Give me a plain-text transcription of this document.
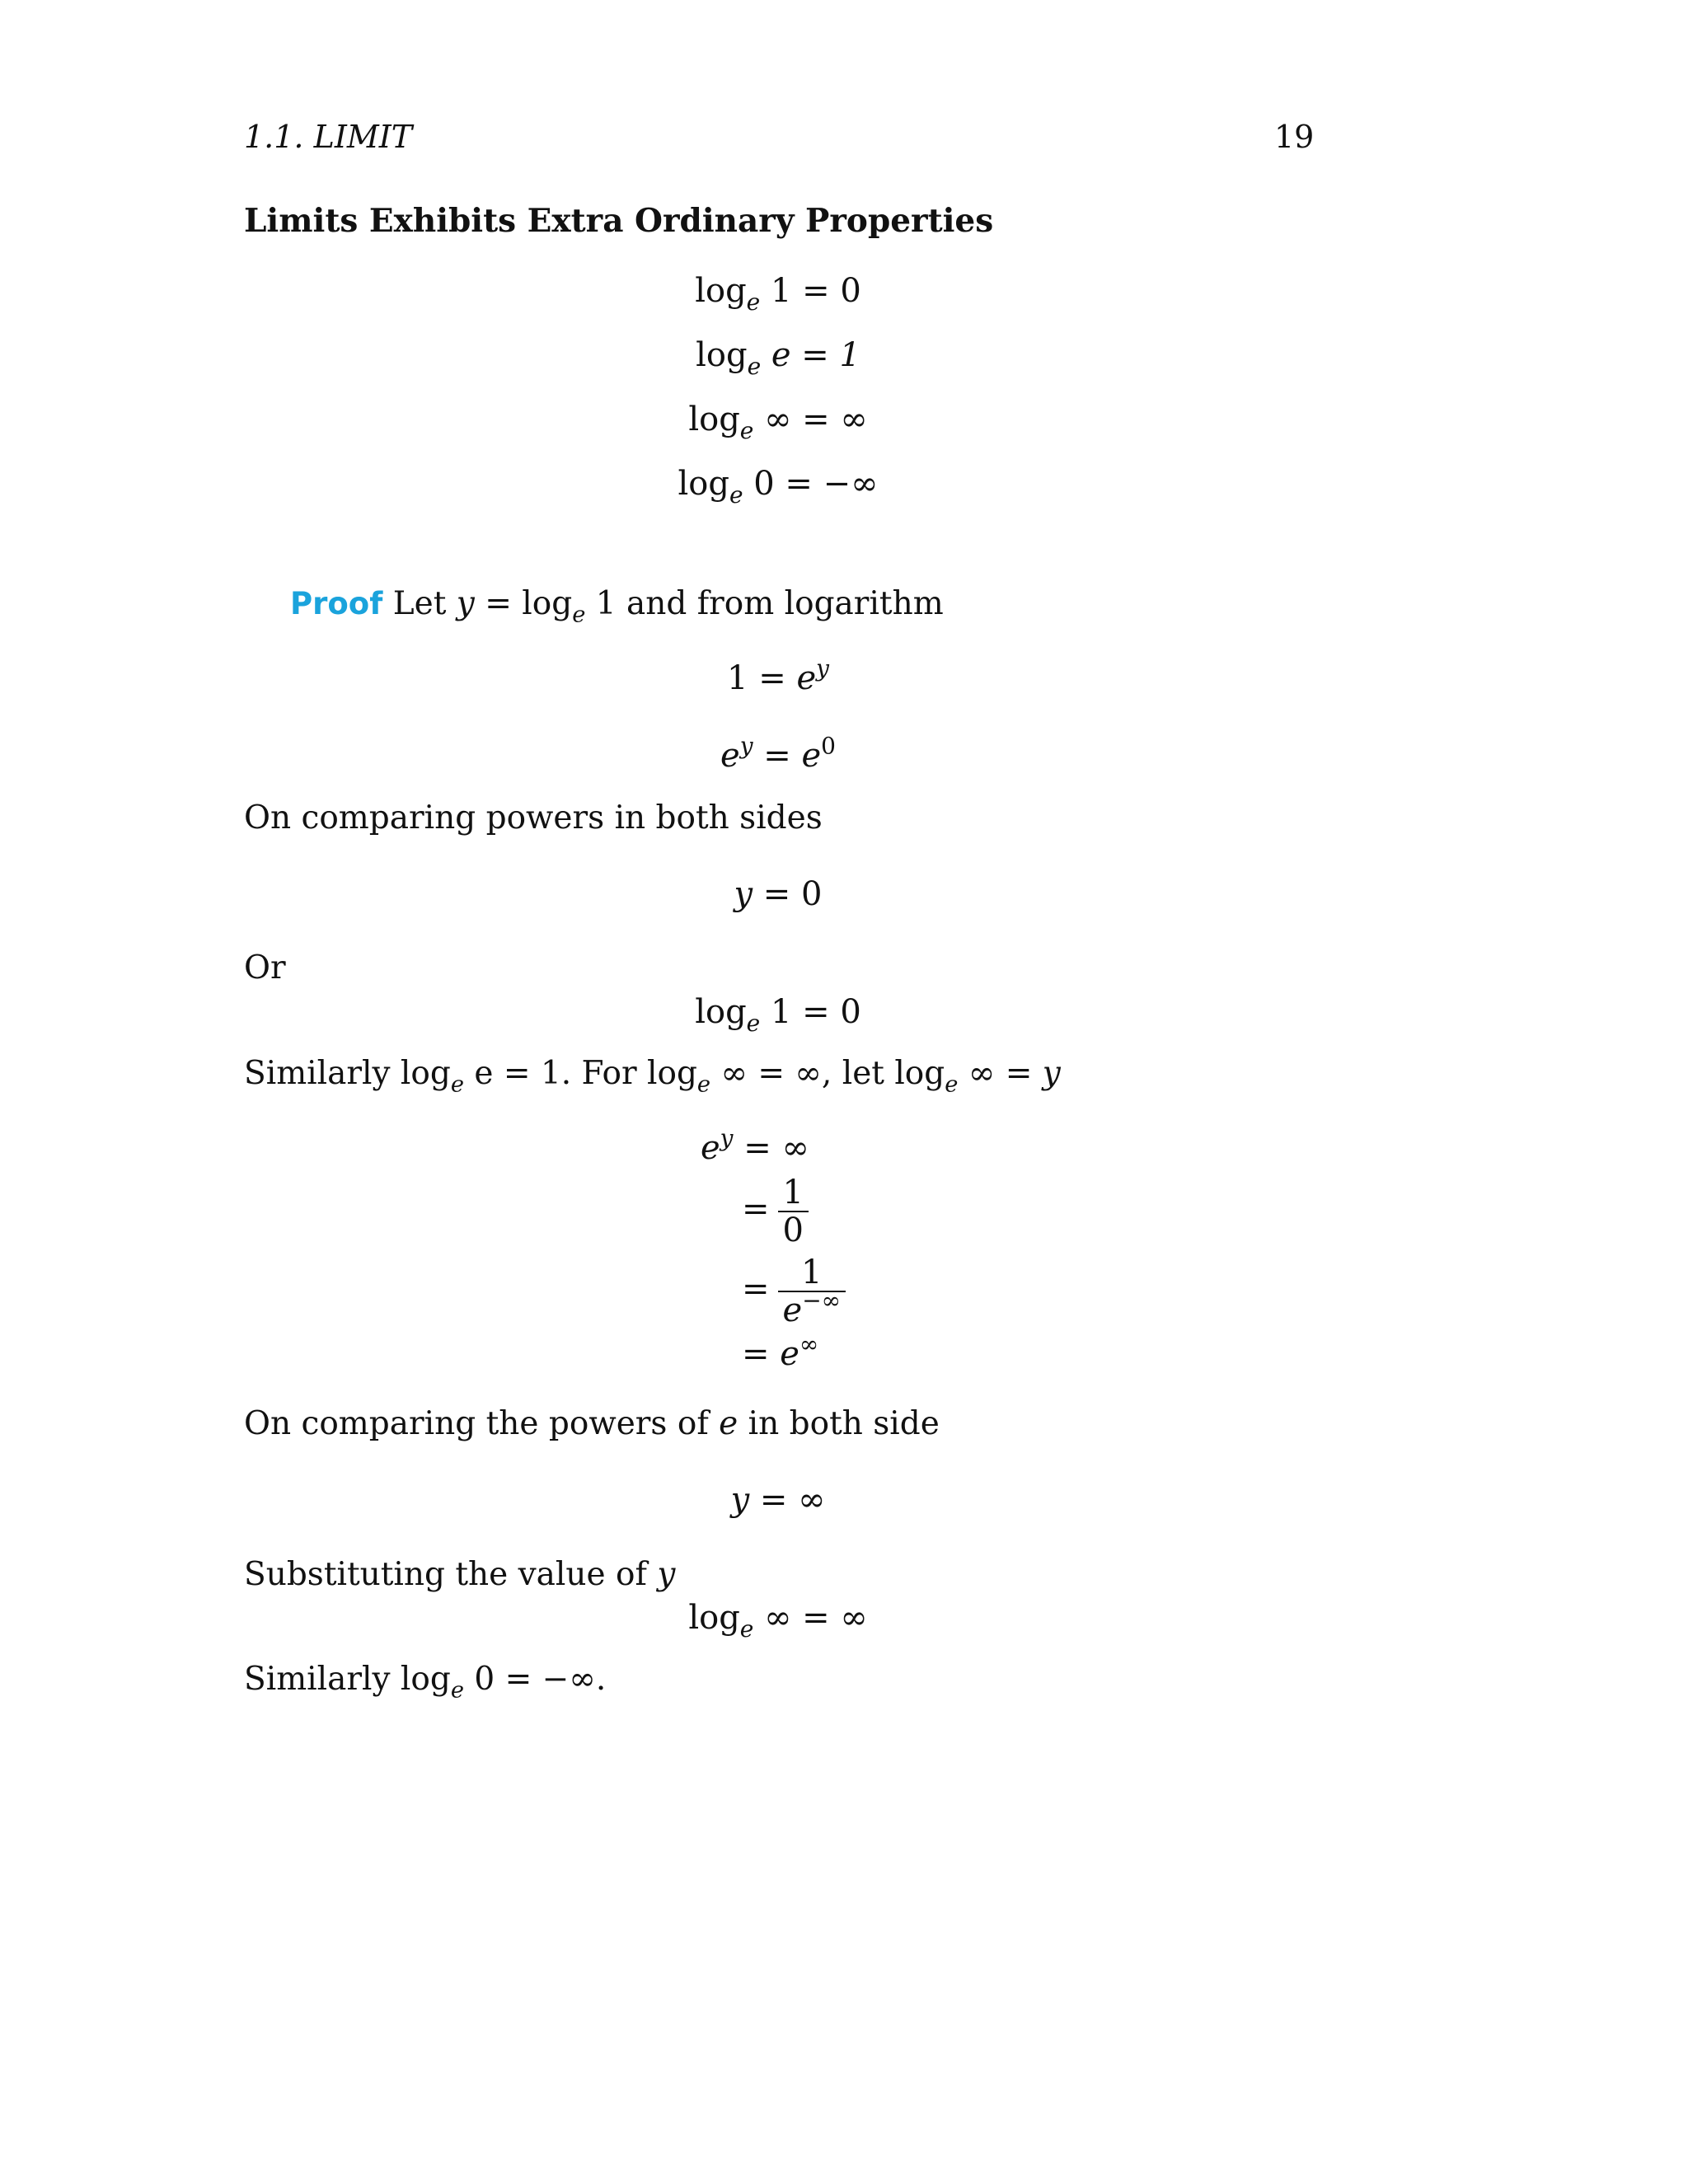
1.1. LIMIT	19
Limits Exhibits Extra Ordinary Properties
$\log_e 1 = 0$
$\log_e e = 1$
$\log_e$ ∞ = ∞
$\log_e 0$ = −∞
Proof Let $y = \log_e 1$ and from logarithm
$1 = e^y$
$e^y = e^0$
On comparing powers in both sides
y = 0
Or
$\log_e 1 = 0$
Similarly $\log_e e = 1$. For $\log_e$ ∞ = ∞, let $\log_e$ ∞ = y
$e^y$ = ∞
= $\frac{1}{0}$
= $\frac{1}{e^{-\infty}}$
= e∞
On comparing the powers of e in both side
y = ∞
Substituting the value of y
$\log_e$ ∞ = ∞
Similarly $\log_e 0$ = −∞.
